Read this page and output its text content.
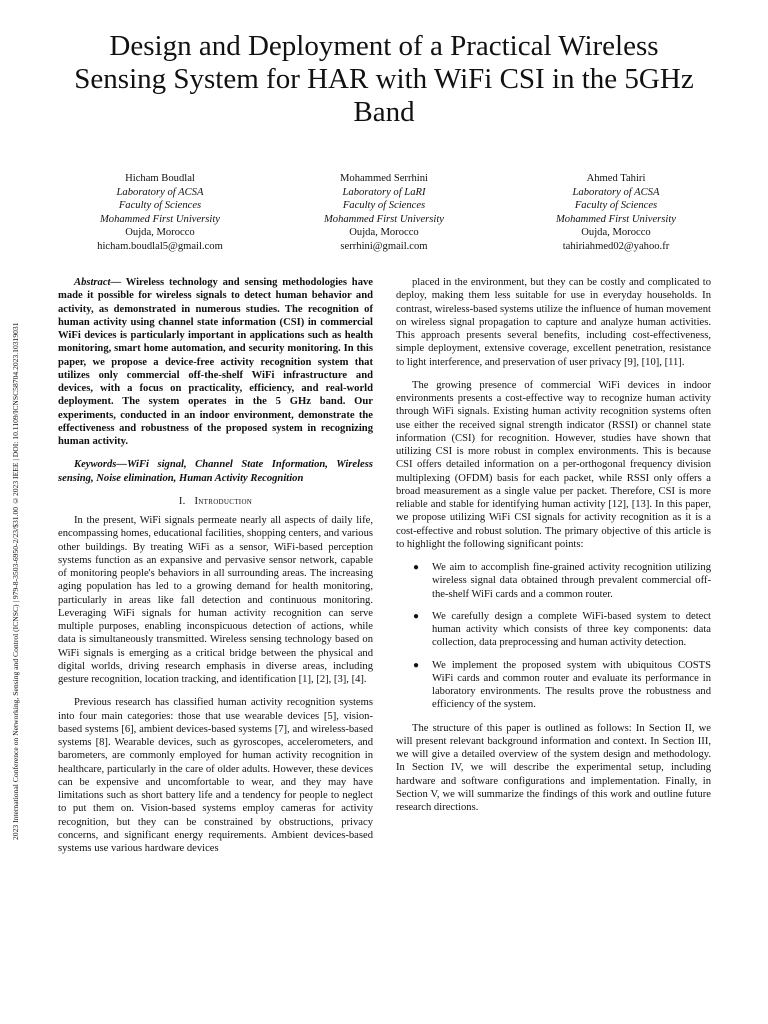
2023 International Conference on Networking, Sensing and Control (ICNSC) | 979-8-3503-6950-2/23/$31.00 ©2023 IEEE | DOI: 10.1109/ICNSC58704.2023.10319031
Design and Deployment of a Practical Wireless Sensing System for HAR with WiFi CSI in the 5GHz Band
Hicham Boudlal
Laboratory of ACSA
Faculty of Sciences
Mohammed First University
Oujda, Morocco
hicham.boudlal5@gmail.com
Mohammed Serrhini
Laboratory of LaRI
Faculty of Sciences
Mohammed First University
Oujda, Morocco
serrhini@gmail.com
Ahmed Tahiri
Laboratory of ACSA
Faculty of Sciences
Mohammed First University
Oujda, Morocco
tahiriahmed02@yahoo.fr

Abstract— Wireless technology and sensing methodologies have made it possible for wireless signals to detect human behavior and activity, as demonstrated in numerous studies. The recognition of human activity using channel state information (CSI) in commercial WiFi devices is particularly important in applications such as health monitoring, smart home automation, and security monitoring. In this paper, we propose a device-free activity recognition system that utilizes only commercial off-the-shelf WiFi infrastructure and devices, with a focus on practicality, efficiency, and real-world deployment. The system operates in the 5 GHz band. Our experiments, conducted in an indoor environment, demonstrate the effectiveness and robustness of the proposed system in recognizing human activity.

Keywords—WiFi signal, Channel State Information, Wireless sensing, Noise elimination, Human Activity Recognition

I. Introduction

In the present, WiFi signals permeate nearly all aspects of daily life, encompassing homes, educational facilities, shopping centers, and various other buildings. By treating WiFi as a sensor, WiFi-based perception systems function as an expansive and pervasive sensor network, capable of monitoring people's behaviors in all surrounding areas. The increasing aging population has led to a growing demand for health monitoring, particularly in areas like fall detection and continuous monitoring. Leveraging WiFi signals for human activity recognition can serve multiple purposes, enabling inconspicuous detection of actions, while data is simultaneously transmitted. Wireless sensing technology based on WiFi signals is emerging as a critical bridge between the physical and digital worlds, driving research emphasis in diverse areas, including gesture recognition, location tracking, and identification [1], [2], [3], [4].

Previous research has classified human activity recognition systems into four main categories: those that use wearable devices [5], vision-based systems [6], ambient devices-based systems [7], and wireless-based systems [8]. Wearable devices, such as gyroscopes, accelerometers, and barometers, are commonly employed for human activity recognition in healthcare, particularly in the care of older adults. However, these devices can be expensive and uncomfortable to wear, and they may have limitations such as short battery life and a tendency for people to neglect to put them on. Vision-based systems employ cameras for activity recognition, but they can be constrained by obstructions, privacy concerns, and significant energy requirements. Ambient devices-based systems use various hardware devices

placed in the environment, but they can be costly and complicated to deploy, making them less suitable for use in everyday households. In contrast, wireless-based systems utilize the influence of human movement on wireless signal propagation to capture and analyze human activities. This approach presents several benefits, including cost-effectiveness, simple deployment, extensive coverage, excellent penetration, resistance to light interference, and preservation of user privacy [9], [10], [11].

The growing presence of commercial WiFi devices in indoor environments presents a cost-effective way to recognize human activity through WiFi signals. Existing human activity recognition systems often use either the received signal strength indicator (RSSI) or channel state information (CSI) for recognition. However, studies have shown that utilizing CSI is more robust in complex environments. This is because CSI offers detailed information on a per-orthogonal frequency division multiplexing (OFDM) basis for each packet, while RSSI only offers a broad measurement as a single value per packet. Therefore, CSI is more reliable and stable for identifying human activity [12], [13]. In this paper, we propose utilizing WiFi CSI signals for activity recognition as it is a cost-effective and robust solution. The primary objective of this article is to highlight the following significant points:

● We aim to accomplish fine-grained activity recognition utilizing wireless signal data obtained through prevalent commercial off-the-shelf WiFi cards and a common router.
● We carefully design a complete WiFi-based system to detect human activity which consists of three key components: data collection, data preprocessing and human activity detection.
● We implement the proposed system with ubiquitous COSTS WiFi cards and common router and evaluate its performance in laboratory environments. The results prove the robustness and efficiency of the system.

The structure of this paper is outlined as follows: In Section II, we will present relevant background information and context. In Section III, we will give a detailed overview of the system design and methodology. In Section IV, we will describe the experimental setup, including hardware and software configurations and implementation. Finally, in Section V, we will summarize the findings of this work and outline future research directions.
